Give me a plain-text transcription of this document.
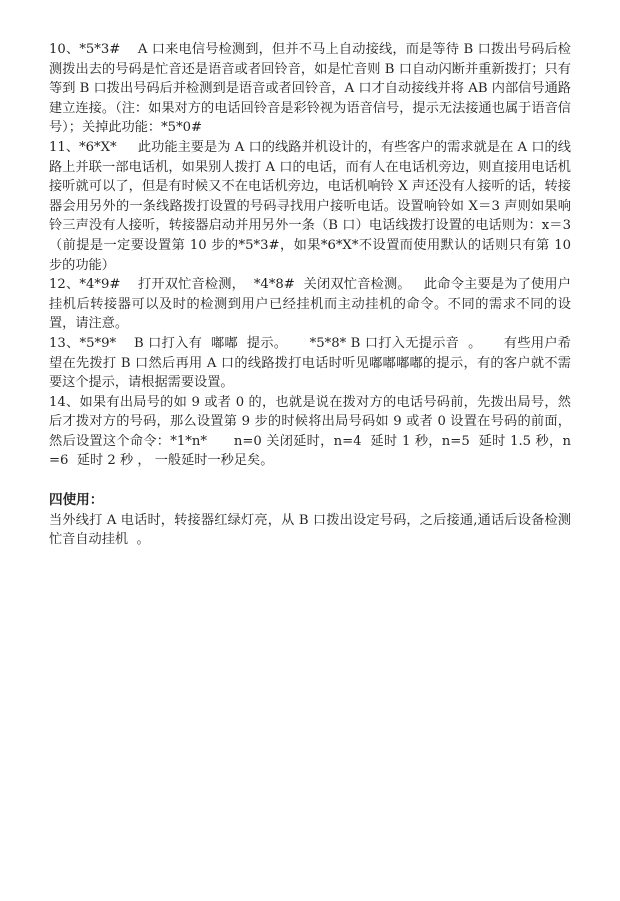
10、*5*3#    A 口来电信号检测到，但并不马上自动接线，而是等待 B 口拨出号码后检测拨出去的号码是忙音还是语音或者回铃音，如是忙音则 B 口自动闪断并重新拨打；只有等到 B 口拨出号码后并检测到是语音或者回铃音，A 口才自动接线并将 AB 内部信号通路建立连接。（注：如果对方的电话回铃音是彩铃视为语音信号，提示无法接通也属于语音信号）；关掉此功能：*5*0#

11、*6*X*     此功能主要是为 A 口的线路并机设计的，有些客户的需求就是在 A 口的线路上并联一部电话机，如果别人拨打 A 口的电话，而有人在电话机旁边，则直接用电话机接听就可以了，但是有时候又不在电话机旁边，电话机响铃 X 声还没有人接听的话，转接器会用另外的一条线路拨打设置的号码寻找用户接听电话。设置响铃如 X＝3 声则如果响铃三声没有人接听，转接器启动并用另外一条（B 口）电话线拨打设置的电话则为：x＝3（前提是一定要设置第 10 步的*5*3#，如果*6*X*不设置而使用默认的话则只有第 10 步的功能）

12、*4*9#    打开双忙音检测，  *4*8#  关闭双忙音检测。   此命令主要是为了使用户挂机后转接器可以及时的检测到用户已经挂机而主动挂机的命令。不同的需求不同的设置，请注意。

13、*5*9*    B 口打入有  嘟嘟  提示。     *5*8* B 口打入无提示音  。     有些用户希望在先拨打 B 口然后再用 A 口的线路拨打电话时听见嘟嘟嘟嘟的提示，有的客户就不需要这个提示，请根据需要设置。

14、如果有出局号的如 9 或者 0 的，也就是说在拨对方的电话号码前，先拨出局号，然后才拨对方的号码，那么设置第 9 步的时候将出局号码如 9 或者 0 设置在号码的前面，然后设置这个命令：*1*n*      n=0 关闭延时，n=4  延时 1 秒，n=5  延时 1.5 秒，n=6  延时 2 秒 ， 一般延时一秒足矣。

四使用：

当外线打 A 电话时，转接器红绿灯亮，从 B 口拨出设定号码，之后接通,通话后设备检测忙音自动挂机  。
